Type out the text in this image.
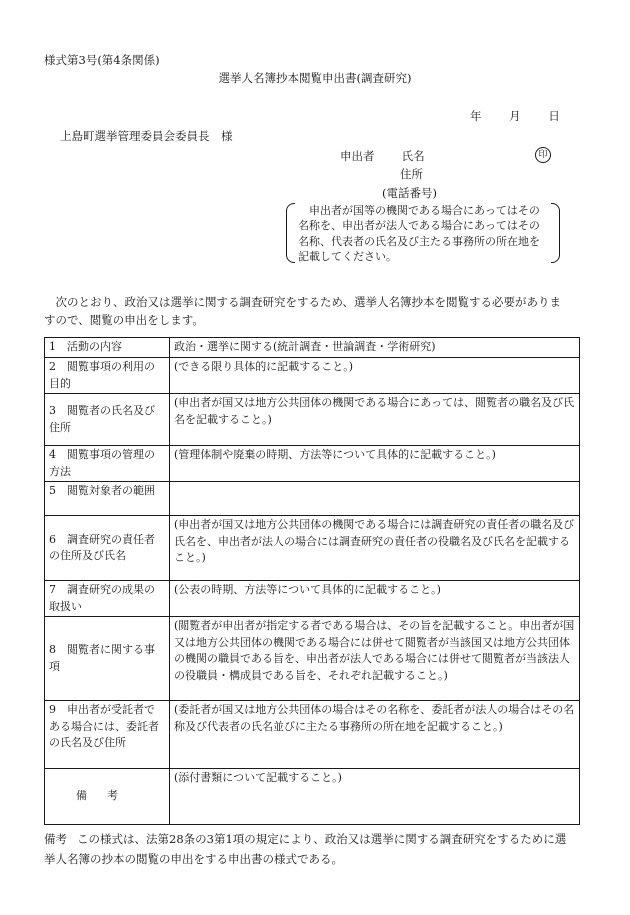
様式第3号(第4条関係)
選挙人名簿抄本閲覧申出書(調査研究)
年 月 日
上島町選挙管理委員会委員長　様
申出者 氏名	印
住所
(電話番号)
申出者が国等の機関である場合にあってはその名称を、申出者が法人である場合にあってはその名称、代表者の氏名及び主たる事務所の所在地を記載してください。
次のとおり、政治又は選挙に関する調査研究をするため、選挙人名簿抄本を閲覧する必要がありますので、閲覧の申出をします。
1　活動の内容	政治・選挙に関する(統計調査・世論調査・学術研究)
2　閲覧事項の利用の目的	(できる限り具体的に記載すること。)
3　閲覧者の氏名及び住所	(申出者が国又は地方公共団体の機関である場合にあっては、閲覧者の職名及び氏名を記載すること。)
4　閲覧事項の管理の方法	(管理体制や廃棄の時期、方法等について具体的に記載すること。)
5　閲覧対象者の範囲	
6　調査研究の責任者の住所及び氏名	(申出者が国又は地方公共団体の機関である場合には調査研究の責任者の職名及び氏名を、申出者が法人の場合には調査研究の責任者の役職名及び氏名を記載すること。)
7　調査研究の成果の取扱い	(公表の時期、方法等について具体的に記載すること。)
8　閲覧者に関する事項	(閲覧者が申出者が指定する者である場合は、その旨を記載すること。申出者が国又は地方公共団体の機関である場合には併せて閲覧者が当該国又は地方公共団体の機関の職員である旨を、申出者が法人である場合には併せて閲覧者が当該法人の役職員・構成員である旨を、それぞれ記載すること。)
9　申出者が受託者である場合には、委託者の氏名及び住所	(委託者が国又は地方公共団体の場合はその名称を、委託者が法人の場合はその名称及び代表者の氏名並びに主たる事務所の所在地を記載すること。)
備考	(添付書類について記載すること。)
備考 この様式は、法第28条の3第1項の規定により、政治又は選挙に関する調査研究をするために選挙人名簿の抄本の閲覧の申出をする申出書の様式である。
